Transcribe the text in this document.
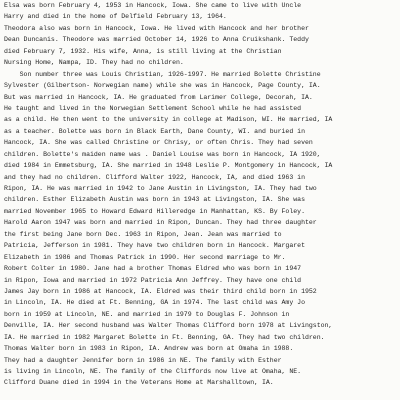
Elsa was born February 4, 1953 in Hancock, Iowa. She came to live with Uncle
Harry and died in the home of Delfield February 13, 1964.
Theodora also was born in Hancock, Iowa. He lived with Hancock and her brother
Dean Duncanis. Theodore was married October 14, 1926 to Anna Cruikshank. Teddy
died February 7, 1932. His wife, Anna, is still living at the Christian
Nursing Home, Nampa, ID. They had no children.
Son number three was Louis Christian, 1926-1997. He married Bolette Christine
Sylvester (Gilbertson- Norwegian name) while she was in Hancock, Page County, IA.
But was married in Hancock, IA. He graduated from Larimer College, Decorah, IA.
He taught and lived in the Norwegian Settlement School while he had assisted
as a child. He then went to the university in college at Madison, WI. He married, IA
as a teacher. Bolette was born in Black Earth, Dane County, WI. and buried in
Hancock, IA. She was called Christine or Chrisy, or often Chris. They had seven
children. Bolette's maiden name was . Daniel Louise was born in Hancock, IA 1920,
died 1984 in Emmetsburg, IA. She married in 1948 Leslie P. Montgomery in Hancock, IA
and they had no children. Clifford Walter 1922, Hancock, IA, and died 1963 in
Ripon, IA. He was married in 1942 to Jane Austin in Livingston, IA. They had two
children. Esther Elizabeth Austin was born in 1943 at Livingston, IA. She was
married November 1965 to Howard Edward Hilleredge in Manhattan, KS. By Foley.
Harold Aaron 1947 was born and married in Ripon, Duncan. They had three daughter
the first being Jane born Dec. 1963 in Ripon, Jean. Jean was married to
Patricia, Jefferson in 1981. They have two children born in Hancock. Margaret
Elizabeth in 1986 and Thomas Patrick in 1990. Her second marriage to Mr.
Robert Colter in 1980. Jane had a brother Thomas Eldred who was born in 1947
in Ripon, Iowa and married in 1972 Patricia Ann Jeffrey. They have one child
James Jay born in 1986 at Hancock, IA. Eldred was their third child born in 1952
in Lincoln, IA. He died at Ft. Benning, GA in 1974. The last child was Amy Jo
born in 1959 at Lincoln, NE. and married in 1979 to Douglas F. Johnson in
Denville, IA. Her second husband was Walter Thomas Clifford born 1978 at Livingston,
IA. He married in 1982 Margaret Bolette in Ft. Benning, GA. They had two children.
Thomas Walter born in 1983 in Ripon, IA. Andrew was born at Omaha in 1988.
They had a daughter Jennifer born in 1986 in NE. The family with Esther
is living in Lincoln, NE. The family of the Cliffords now live at Omaha, NE.
Clifford Duane died in 1994 in the Veterans Home at Marshalltown, IA.
